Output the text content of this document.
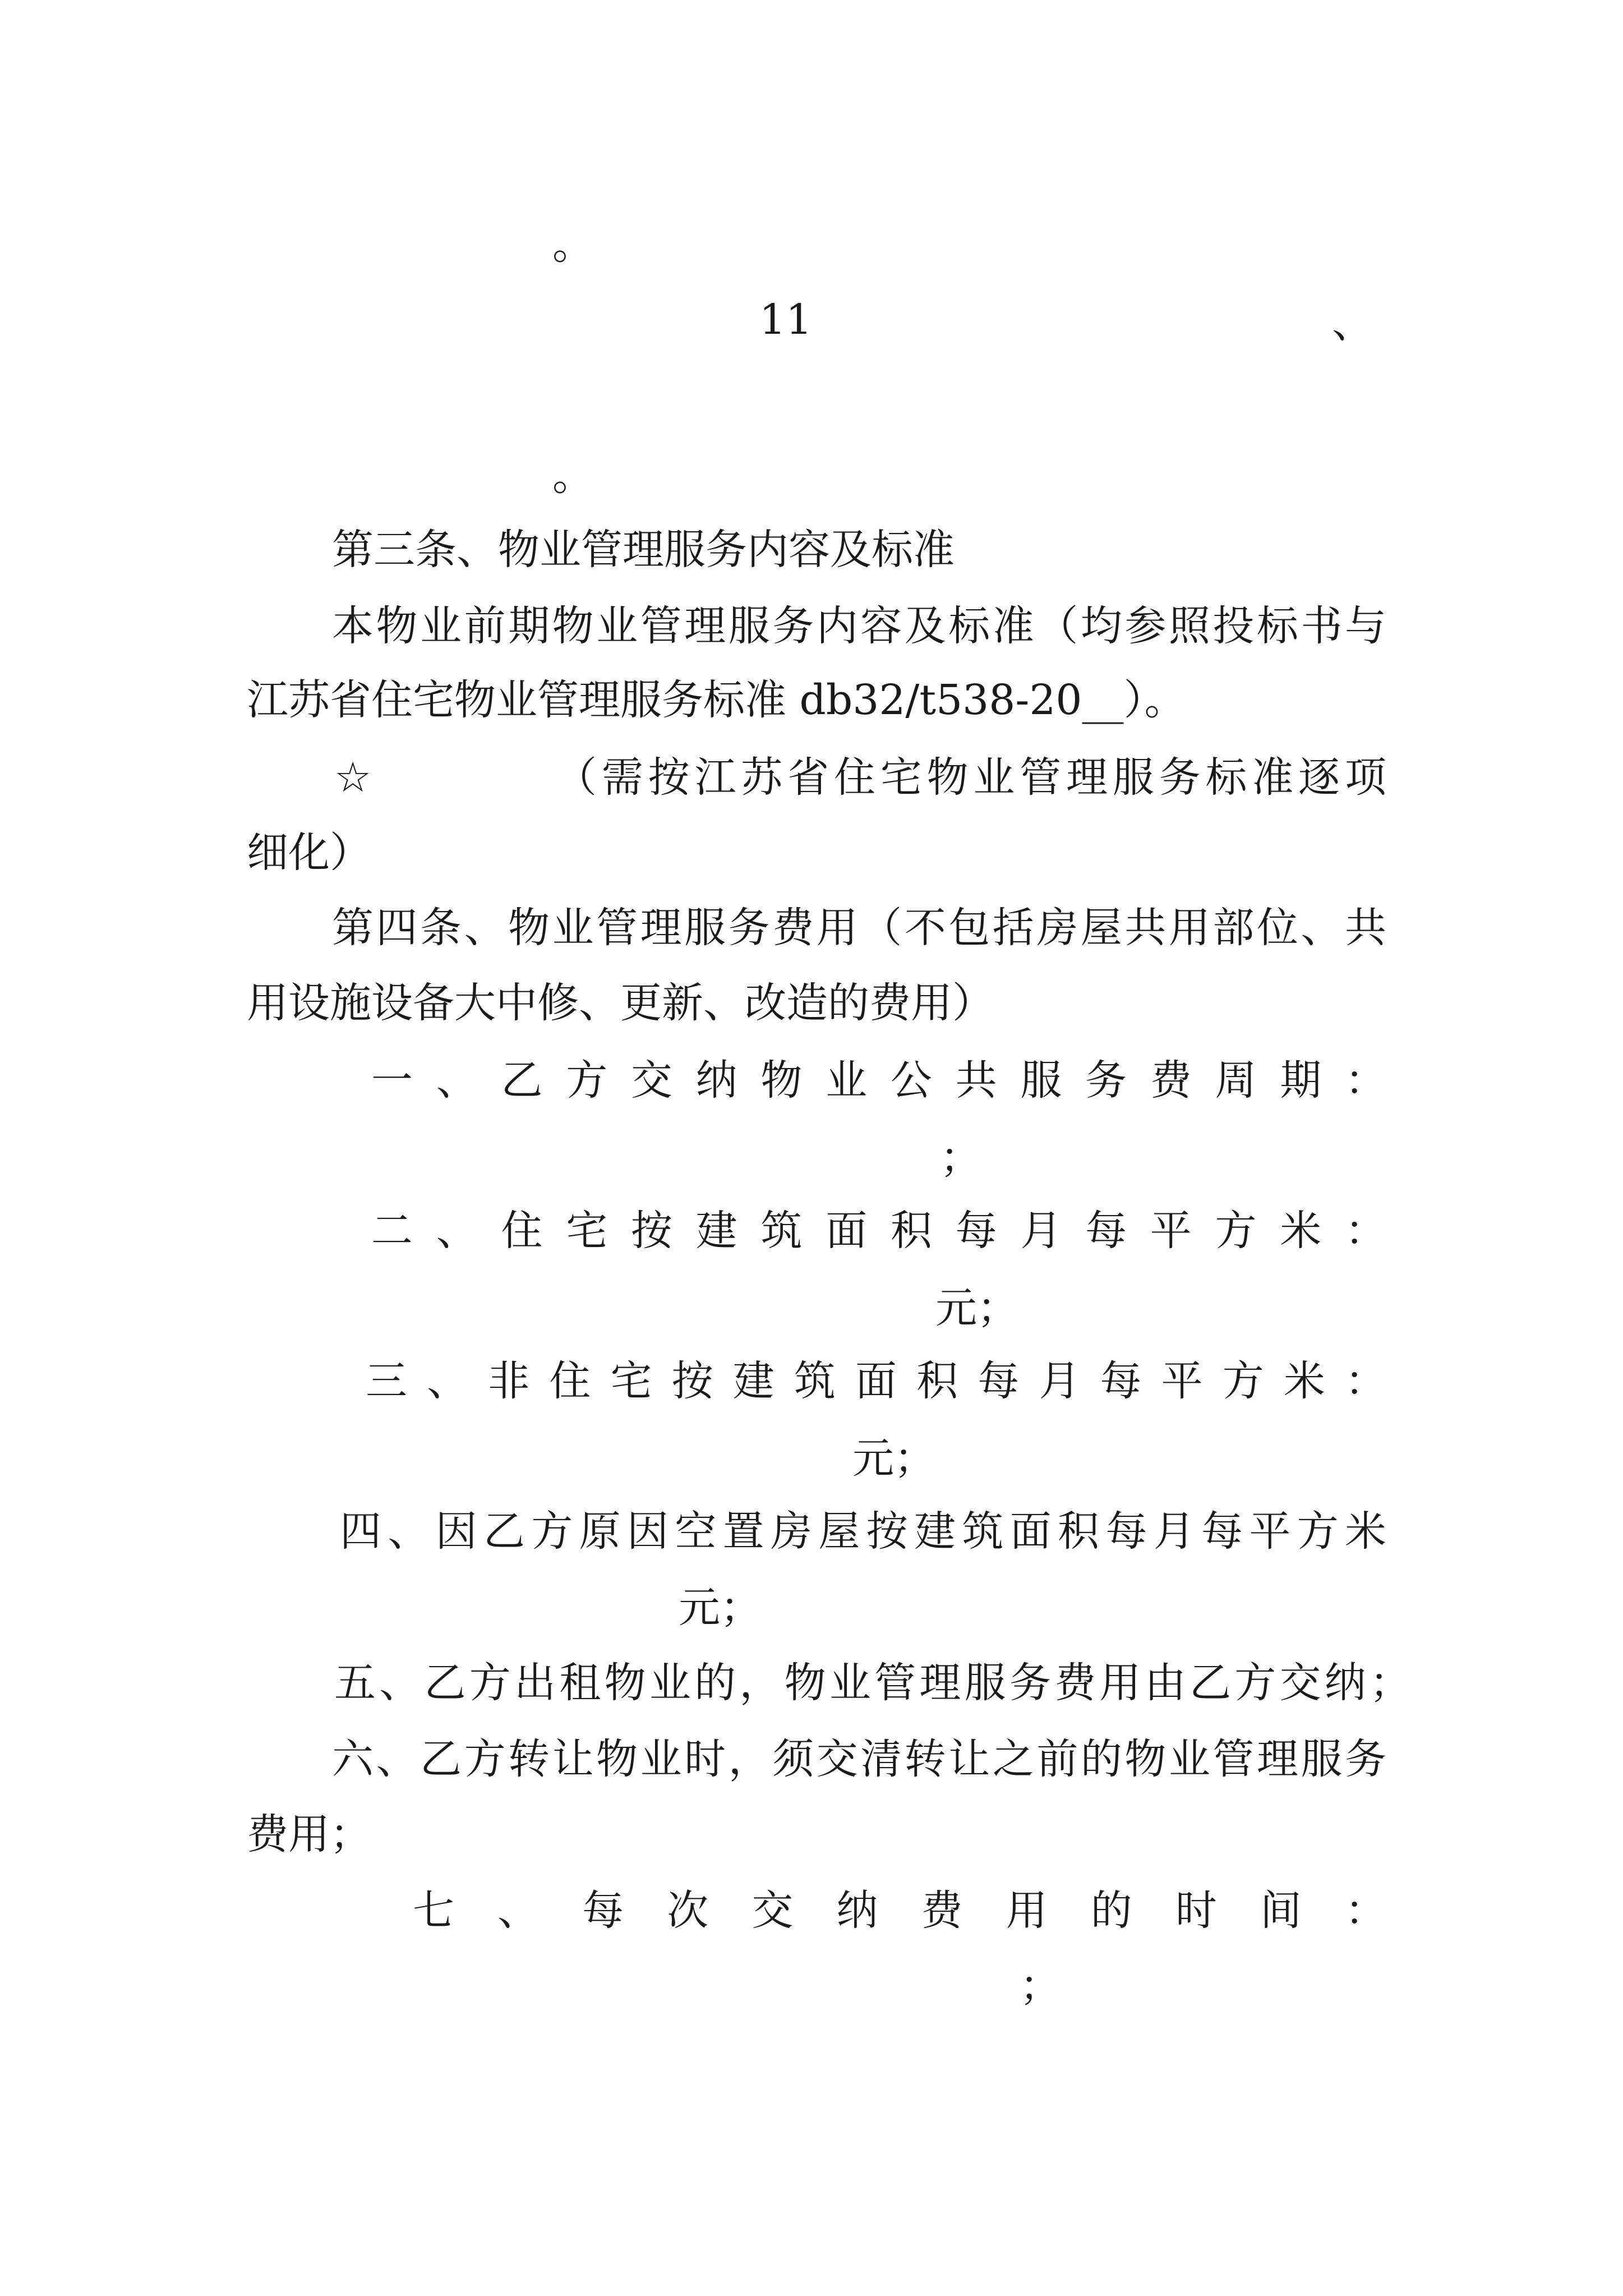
。

11	、

。

第三条、物业管理服务内容及标准

本物业前期物业管理服务内容及标准（均参照投标书与

江苏省住宅物业管理服务标准 db32/t538-20__）。

☆	（需按江苏省住宅物业管理服务标准逐项

细化）

第四条、物业管理服务费用（不包括房屋共用部位、共

用设施设备大中修、更新、改造的费用）

一、乙方交纳物业公共服务费周期：

；

二、住宅按建筑面积每月每平方米：

元；

三、非住宅按建筑面积每月每平方米：

元；

四、因乙方原因空置房屋按建筑面积每月每平方米

元；

五、乙方出租物业的，物业管理服务费用由乙方交纳；

六、乙方转让物业时，须交清转让之前的物业管理服务

费用；

七、每次交纳费用的时间：

；
